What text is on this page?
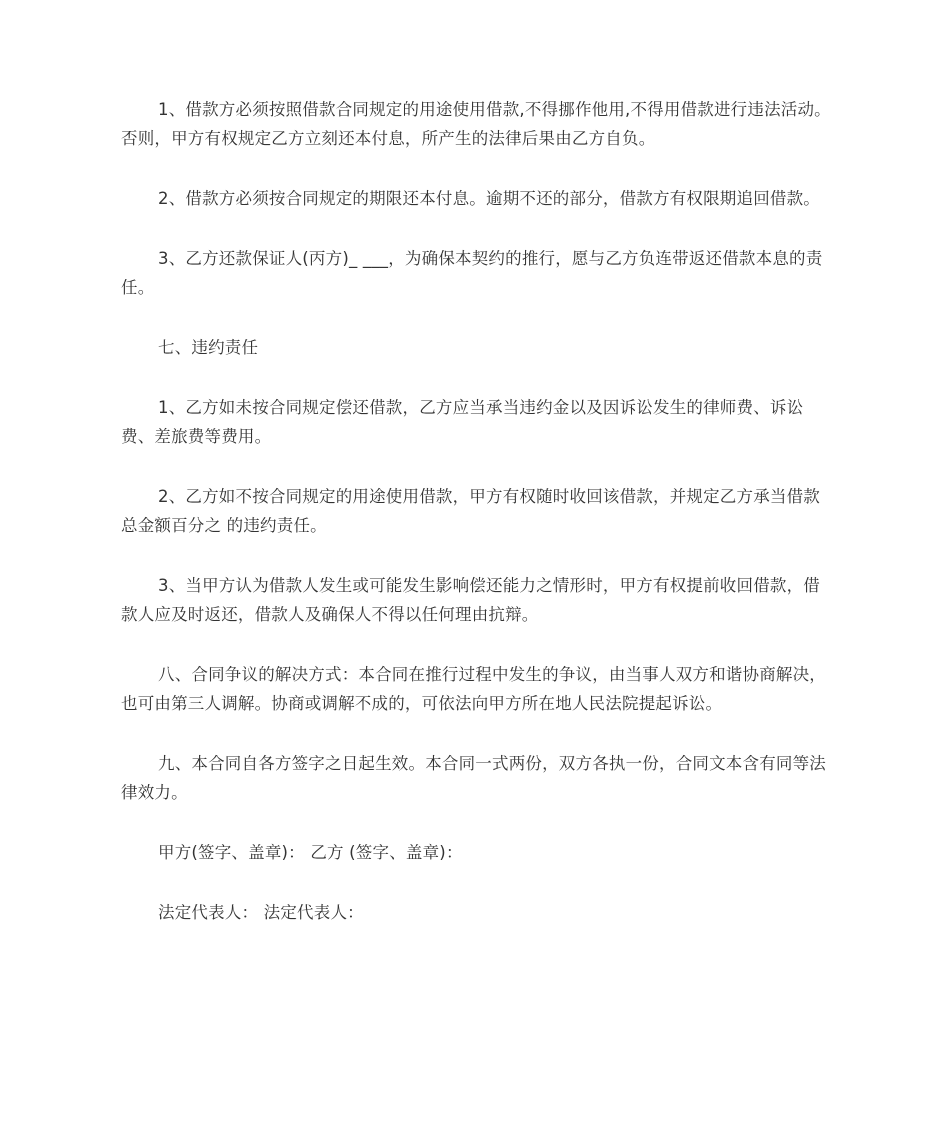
1、借款方必须按照借款合同规定的用途使用借款,不得挪作他用,不得用借款进行违法活动。否则，甲方有权规定乙方立刻还本付息，所产生的法律后果由乙方自负。

2、借款方必须按合同规定的期限还本付息。逾期不还的部分，借款方有权限期追回借款。

3、乙方还款保证人(丙方)_ ___，为确保本契约的推行，愿与乙方负连带返还借款本息的责任。

七、违约责任

1、乙方如未按合同规定偿还借款，乙方应当承当违约金以及因诉讼发生的律师费、诉讼费、差旅费等费用。

2、乙方如不按合同规定的用途使用借款，甲方有权随时收回该借款，并规定乙方承当借款总金额百分之 的违约责任。

3、当甲方认为借款人发生或可能发生影响偿还能力之情形时，甲方有权提前收回借款，借款人应及时返还，借款人及确保人不得以任何理由抗辩。

八、合同争议的解决方式：本合同在推行过程中发生的争议，由当事人双方和谐协商解决，也可由第三人调解。协商或调解不成的，可依法向甲方所在地人民法院提起诉讼。

九、本合同自各方签字之日起生效。本合同一式两份，双方各执一份，合同文本含有同等法律效力。

甲方(签字、盖章)： 乙方 (签字、盖章)：

法定代表人： 法定代表人：
